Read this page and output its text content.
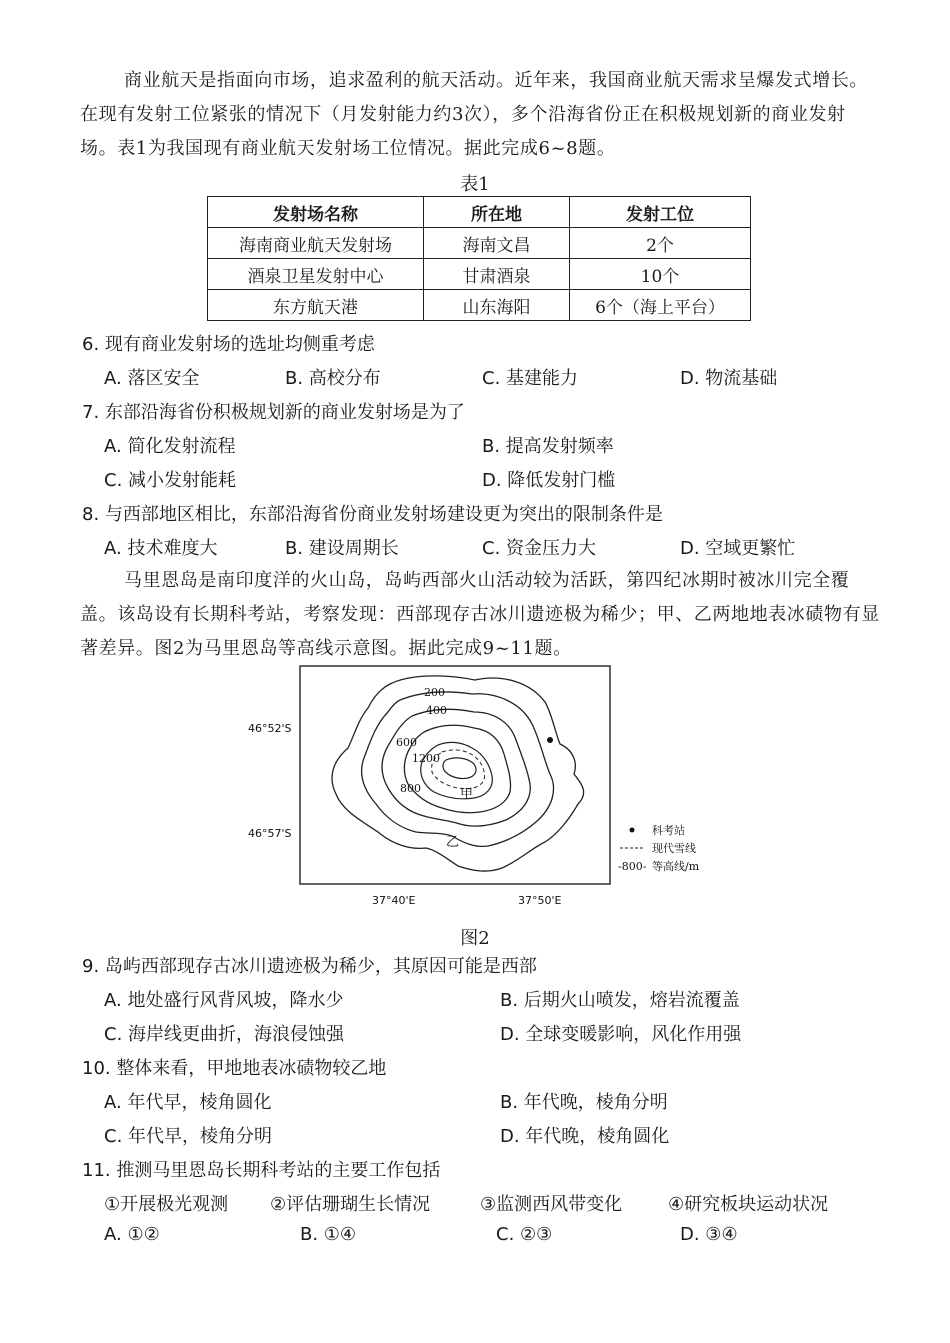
商业航天是指面向市场，追求盈利的航天活动。近年来，我国商业航天需求呈爆发式增长。在现有发射工位紧张的情况下（月发射能力约3次），多个沿海省份正在积极规划新的商业发射场。表1为我国现有商业航天发射场工位情况。据此完成6~8题。
表1
发射场名称	所在地	发射工位
海南商业航天发射场	海南文昌	2个
酒泉卫星发射中心	甘肃酒泉	10个
东方航天港	山东海阳	6个（海上平台）
6. 现有商业发射场的选址均侧重考虑
A. 落区安全	B. 高校分布	C. 基建能力	D. 物流基础
7. 东部沿海省份积极规划新的商业发射场是为了
A. 简化发射流程	B. 提高发射频率
C. 减小发射能耗	D. 降低发射门槛
8. 与西部地区相比，东部沿海省份商业发射场建设更为突出的限制条件是
A. 技术难度大	B. 建设周期长	C. 资金压力大	D. 空域更繁忙
马里恩岛是南印度洋的火山岛，岛屿西部火山活动较为活跃，第四纪冰期时被冰川完全覆盖。该岛设有长期科考站，考察发现：西部现存古冰川遗迹极为稀少；甲、乙两地地表冰碛物有显著差异。图2为马里恩岛等高线示意图。据此完成9~11题。
200
400
600
800
1200
甲
乙
46°52'S
46°57'S
37°40'E	37°50'E
科考站
现代雪线
-800- 等高线/m
图2
9. 岛屿西部现存古冰川遗迹极为稀少，其原因可能是西部
A. 地处盛行风背风坡，降水少	B. 后期火山喷发，熔岩流覆盖
C. 海岸线更曲折，海浪侵蚀强	D. 全球变暖影响，风化作用强
10. 整体来看，甲地地表冰碛物较乙地
A. 年代早，棱角圆化	B. 年代晚，棱角分明
C. 年代早，棱角分明	D. 年代晚，棱角圆化
11. 推测马里恩岛长期科考站的主要工作包括
①开展极光观测 ②评估珊瑚生长情况	③监测西风带变化	④研究板块运动状况
A. ①②	B. ①④	C. ②③	D. ③④
